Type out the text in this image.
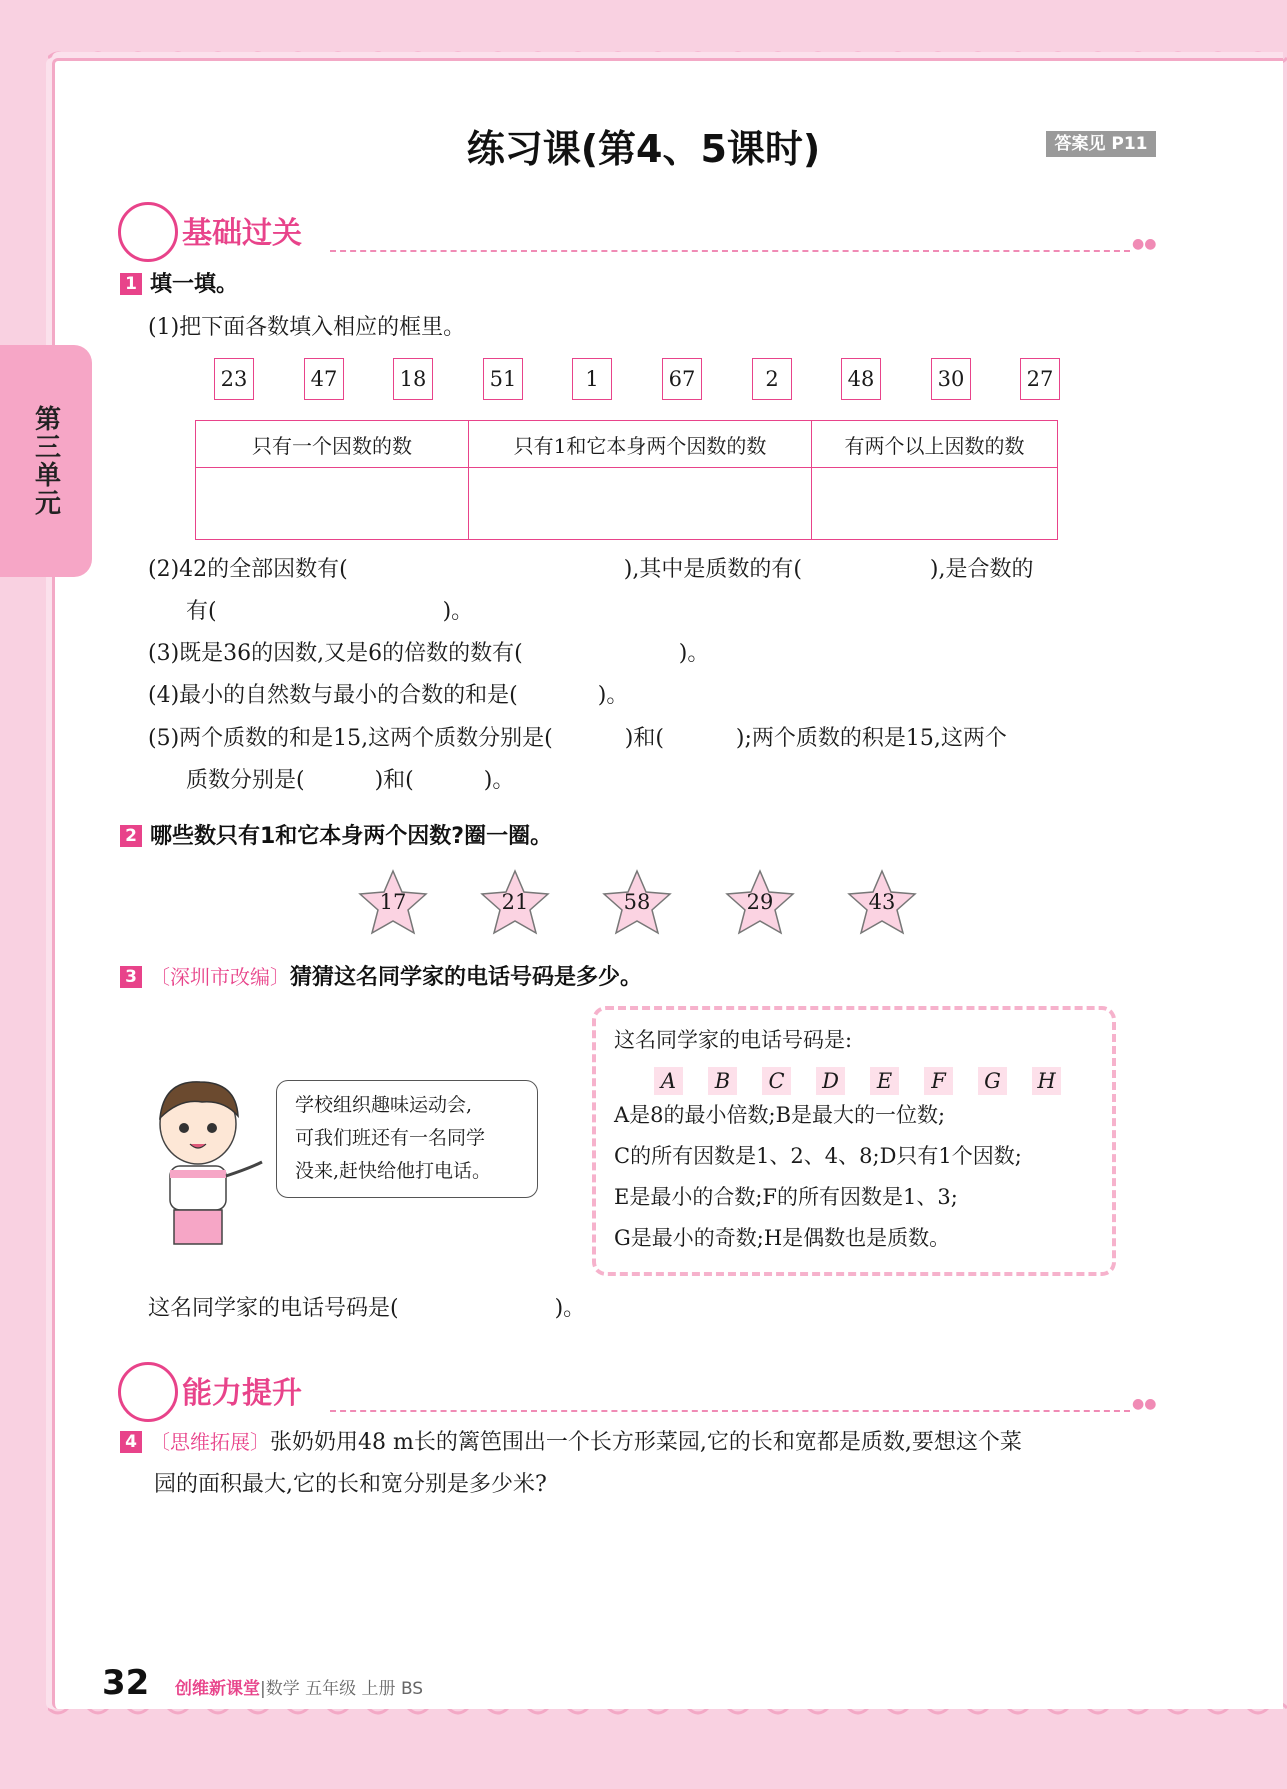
第三单元
练习课(第4、5课时)	答案见 P11
基础过关	●●
1 填一填。
(1)把下面各数填入相应的框里。
23	47	18	51	1	67	2	48	30	27
只有一个因数的数	只有1和它本身两个因数的数	有两个以上因数的数

(2)42的全部因数有(	),其中是质数的有(	),是合数的
有(	)。
(3)既是36的因数,又是6的倍数的数有(	)。
(4)最小的自然数与最小的合数的和是(	)。
(5)两个质数的和是15,这两个质数分别是(	)和(	);两个质数的积是15,这两个
质数分别是(	)和(	)。
2 哪些数只有1和它本身两个因数?圈一圈。
17	21	58	29	43
3 〔深圳市改编〕猜猜这名同学家的电话号码是多少。
学校组织趣味运动会,
可我们班还有一名同学
没来,赶快给他打电话。
这名同学家的电话号码是:
A	B	C	D	E	F	G H
A是8的最小倍数;B是最大的一位数;
C的所有因数是1、2、4、8;D只有1个因数;
E是最小的合数;F的所有因数是1、3;
G是最小的奇数;H是偶数也是质数。
这名同学家的电话号码是(	)。
能力提升	●●
4 〔思维拓展〕张奶奶用48 m长的篱笆围出一个长方形菜园,它的长和宽都是质数,要想这个菜
园的面积最大,它的长和宽分别是多少米?
32 创维新课堂|数学 五年级 上册 BS
